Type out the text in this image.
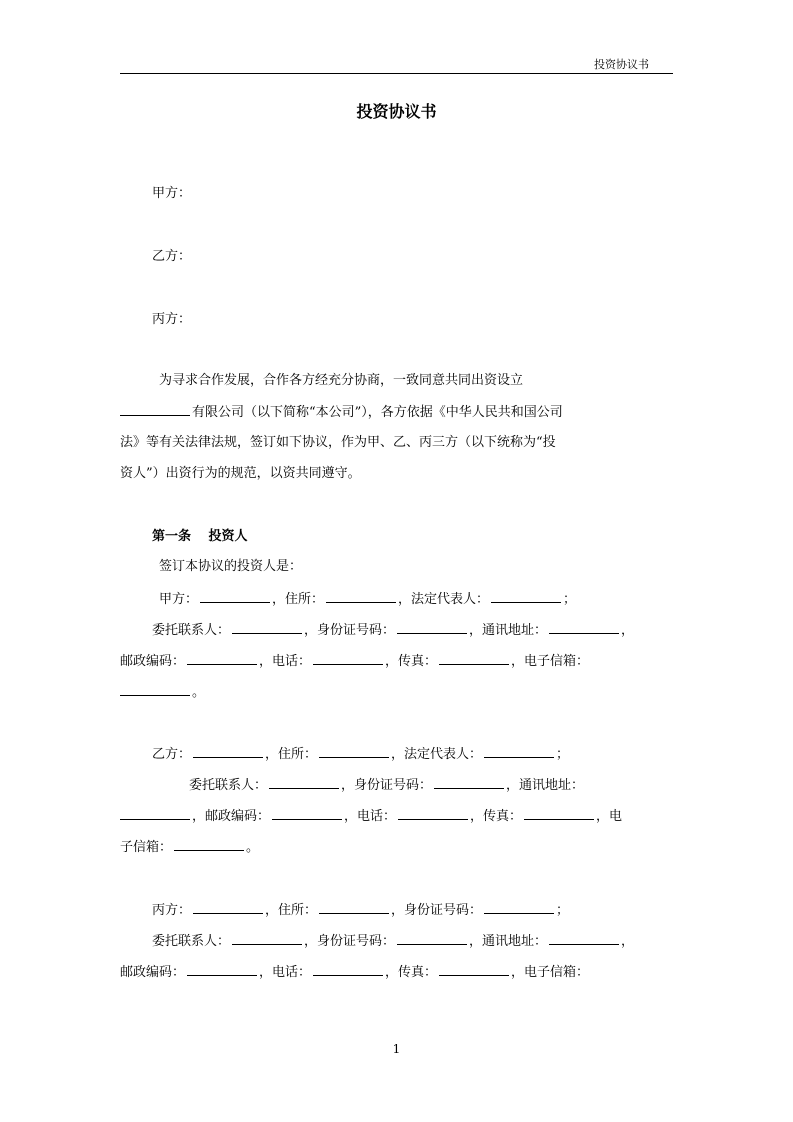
投资协议书
投资协议书
甲方：
乙方：
丙方：
为寻求合作发展，合作各方经充分协商，一致同意共同出资设立
有限公司（以下简称“本公司”），各方依据《中华人民共和国公司
法》等有关法律法规，签订如下协议，作为甲、乙、丙三方（以下统称为“投
资人”）出资行为的规范，以资共同遵守。
第一条　 投资人
签订本协议的投资人是：
甲方：	，住所：	，法定代表人：	；
委托联系人：	，身份证号码：	，通讯地址：	，
邮政编码：	，电话：	，传真：	，电子信箱：
。
乙方：	，住所：	，法定代表人：	；
委托联系人：	，身份证号码：	，通讯地址：
，邮政编码：	，电话：	，传真：	，电
子信箱：	。
丙方：	，住所：	，身份证号码：	；
委托联系人：	，身份证号码：	，通讯地址：	，
邮政编码：	，电话：	，传真：	，电子信箱：
1
